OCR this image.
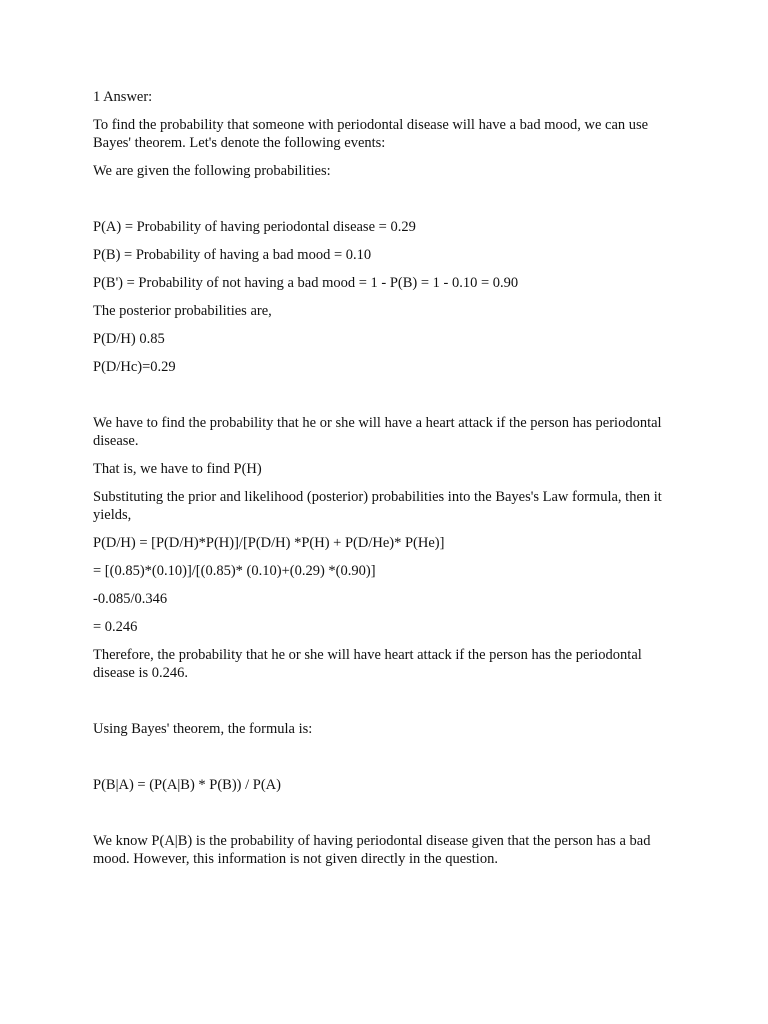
1 Answer:
To find the probability that someone with periodontal disease will have a bad mood, we can use Bayes' theorem. Let's denote the following events:
We are given the following probabilities:
P(A) = Probability of having periodontal disease = 0.29
P(B) = Probability of having a bad mood = 0.10
P(B') = Probability of not having a bad mood = 1 - P(B) = 1 - 0.10 = 0.90
The posterior probabilities are,
P(D/H) 0.85
P(D/Hc)=0.29
We have to find the probability that he or she will have a heart attack if the person has periodontal disease.
That is, we have to find P(H)
Substituting the prior and likelihood (posterior) probabilities into the Bayes's Law formula, then it yields,
P(D/H) = [P(D/H)*P(H)]/[P(D/H) *P(H) + P(D/He)* P(He)]
= [(0.85)*(0.10)]/[(0.85)* (0.10)+(0.29) *(0.90)]
-0.085/0.346
= 0.246
Therefore, the probability that he or she will have heart attack if the person has the periodontal disease is 0.246.
Using Bayes' theorem, the formula is:
P(B|A) = (P(A|B) * P(B)) / P(A)
We know P(A|B) is the probability of having periodontal disease given that the person has a bad mood. However, this information is not given directly in the question.
